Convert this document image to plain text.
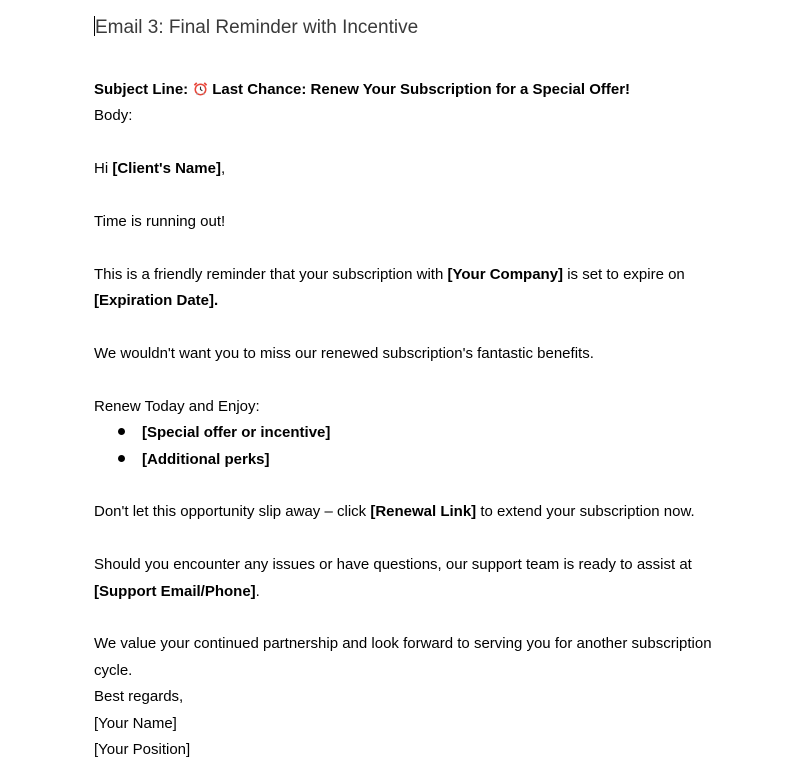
Email 3: Final Reminder with Incentive
Subject Line: Last Chance: Renew Your Subscription for a Special Offer!
Body:
Hi [Client's Name],
Time is running out!
This is a friendly reminder that your subscription with [Your Company] is set to expire on
[Expiration Date].
We wouldn't want you to miss our renewed subscription's fantastic benefits.
Renew Today and Enjoy:
[Special offer or incentive]
[Additional perks]
Don't let this opportunity slip away – click [Renewal Link] to extend your subscription now.
Should you encounter any issues or have questions, our support team is ready to assist at
[Support Email/Phone].
We value your continued partnership and look forward to serving you for another subscription
cycle.
Best regards,
[Your Name]
[Your Position]
